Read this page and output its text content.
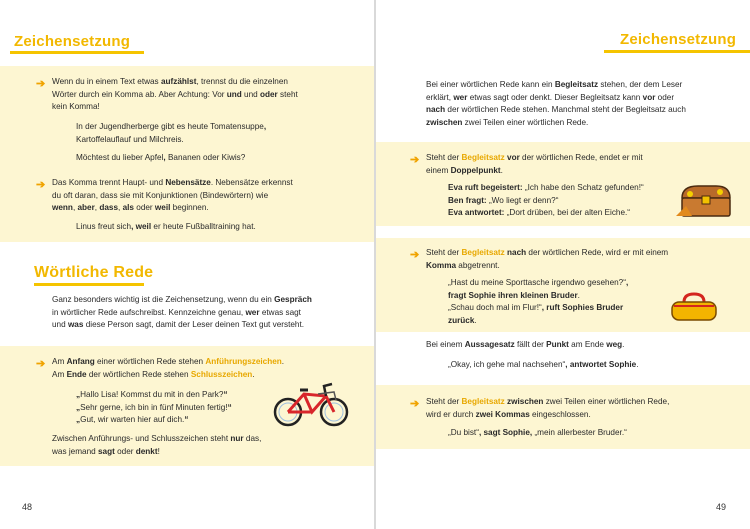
Zeichensetzung
➔ Wenn du in einem Text etwas aufzählst, trennst du die einzelnen
Wörter durch ein Komma ab. Aber Achtung: Vor und und oder steht
kein Komma!

In der Jugendherberge gibt es heute Tomatensuppe,
Kartoffelauflauf und Milchreis.

Möchtest du lieber Apfel, Bananen oder Kiwis?

➔ Das Komma trennt Haupt- und Nebensätze. Nebensätze erkennst
du oft daran, dass sie mit Konjunktionen (Bindewörtern) wie
wenn, aber, dass, als oder weil beginnen.

Linus freut sich, weil er heute Fußballtraining hat.

Wörtliche Rede

Ganz besonders wichtig ist die Zeichensetzung, wenn du ein Gespräch
in wörtlicher Rede aufschreibst. Kennzeichne genau, wer etwas sagt
und was diese Person sagt, damit der Leser deinen Text gut versteht.

➔ Am Anfang einer wörtlichen Rede stehen Anführungszeichen.
Am Ende der wörtlichen Rede stehen Schlusszeichen.

„Hallo Lisa! Kommst du mit in den Park?“
„Sehr gerne, ich bin in fünf Minuten fertig!“
„Gut, wir warten hier auf dich.“

Zwischen Anführungs- und Schlusszeichen steht nur das,
was jemand sagt oder denkt!

48
Zeichensetzung

Bei einer wörtlichen Rede kann ein Begleitsatz stehen, der dem Leser
erklärt, wer etwas sagt oder denkt. Dieser Begleitsatz kann vor oder
nach der wörtlichen Rede stehen. Manchmal steht der Begleitsatz auch
zwischen zwei Teilen einer wörtlichen Rede.

➔ Steht der Begleitsatz vor der wörtlichen Rede, endet er mit
einem Doppelpunkt.

Eva ruft begeistert: „Ich habe den Schatz gefunden!“
Ben fragt: „Wo liegt er denn?“
Eva antwortet: „Dort drüben, bei der alten Eiche.“

➔ Steht der Begleitsatz nach der wörtlichen Rede, wird er mit einem
Komma abgetrennt.

„Hast du meine Sporttasche irgendwo gesehen?“,
fragt Sophie ihren kleinen Bruder.
„Schau doch mal im Flur!“, ruft Sophies Bruder
zurück.

Bei einem Aussagesatz fällt der Punkt am Ende weg.

„Okay, ich gehe mal nachsehen“, antwortet Sophie.

➔ Steht der Begleitsatz zwischen zwei Teilen einer wörtlichen Rede,
wird er durch zwei Kommas eingeschlossen.

„Du bist“, sagt Sophie, „mein allerbester Bruder.“

49
